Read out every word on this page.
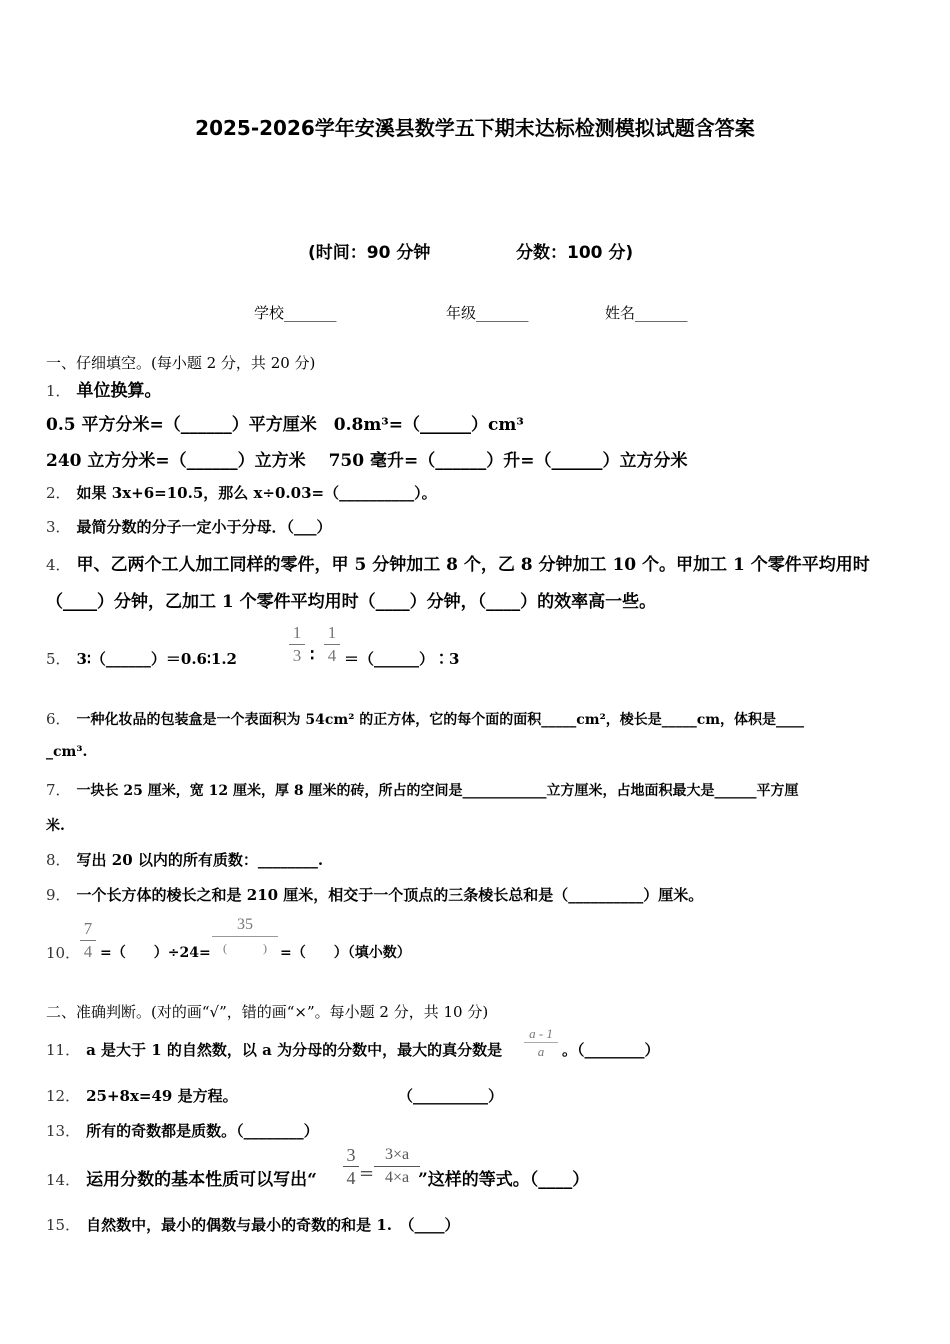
2025-2026学年安溪县数学五下期末达标检测模拟试题含答案
(时间：90 分钟	分数：100 分)
学校_______	年级_______	姓名_______
一、仔细填空。(每小题 2 分，共 20 分)
1． 单位换算。
0.5 平方分米=（______）平方厘米　0.8m³=（______）cm³
240 立方分米=（______）立方米　 750 毫升=（______）升=（______）立方分米
2． 如果 3x+6=10.5，那么 x÷0.03=（__________）。
3． 最简分数的分子一定小于分母．（___）
4． 甲、乙两个工人加工同样的零件，甲 5 分钟加工 8 个，乙 8 分钟加工 10 个。甲加工 1 个零件平均用时
（____）分钟，乙加工 1 个零件平均用时（____）分钟，（____）的效率高一些。
5． 3∶（______）＝0.6∶1.2
1
3 ∶
1
4 ＝（______）∶3
6． 一种化妆品的包装盒是一个表面积为 54cm² 的正方体，它的每个面的面积_____cm²，棱长是_____cm，体积是____
_cm³.
7． 一块长 25 厘米，宽 12 厘米，厚 8 厘米的砖，所占的空间是____________立方厘米，占地面积最大是______平方厘
米.
8． 写出 20 以内的所有质数：________.
9． 一个长方体的棱长之和是 210 厘米，相交于一个顶点的三条棱长总和是（__________）厘米。
10．
7
4 =（　　）÷24=
35
(　　　) =（　　）（填小数）
二、准确判断。(对的画“√”，错的画“×”。每小题 2 分，共 10 分)
11． a 是大于 1 的自然数，以 a 为分母的分数中，最大的真分数是
a - 1
a	。（________）
12． 25+8x=49 是方程。	（__________）
13． 所有的奇数都是质数。（________）
14． 运用分数的基本性质可以写出“
3
4 =
3×a
4×a ”这样的等式。（____）
15． 自然数中，最小的偶数与最小的奇数的和是 1.　（____）
